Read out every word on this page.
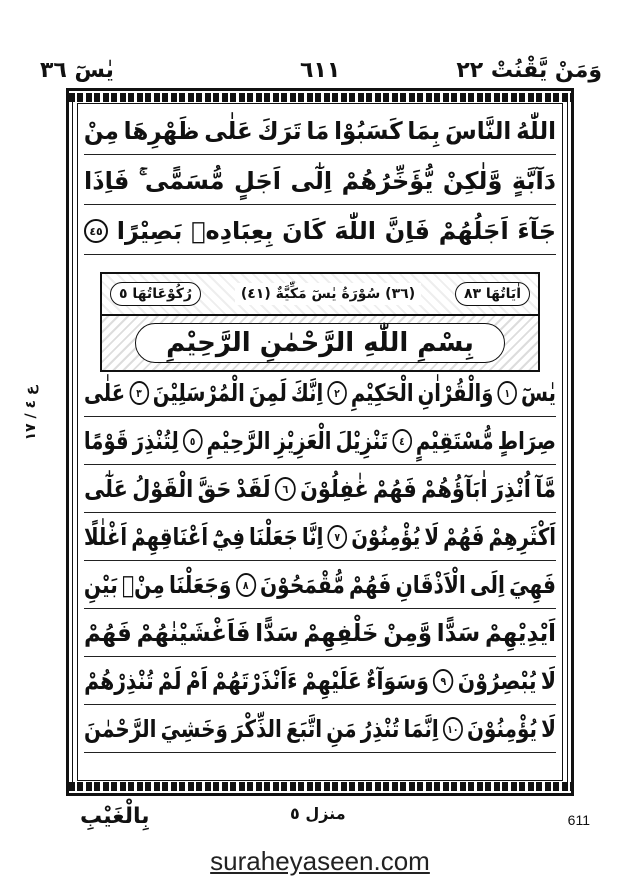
يٰسٓ ٣٦	٦١١	وَمَنْ يَّقْنُتْ ٢٢
ع ٤ / ١٧
اٰيَاتُهَا ٨٣
(٣٦) سُوْرَةُ يٰسٓ مَكِّيَّةٌ (٤١)
رُكُوْعَاتُهَا ٥
بِسْمِ اللّٰهِ الرَّحْمٰنِ الرَّحِيْمِ
اللّٰهُ
النَّاسَ
بِمَا
كَسَبُوْا
مَا
تَرَكَ
عَلٰى
ظَهْرِهَا
مِنْ
دَآبَّةٍ
وَّلٰكِنْ
يُّؤَخِّرُهُمْ
اِلٰٓى
اَجَلٍ
مُّسَمًّى ۚ
فَاِذَا
جَآءَ
اَجَلُهُمْ
فَاِنَّ
اللّٰهَ
كَانَ
بِعِبَادِهٖ
بَصِيْرًا
٤٥
يٰسٓ
١
وَالْقُرْاٰنِ
الْحَكِيْمِ
٢
اِنَّكَ
لَمِنَ
الْمُرْسَلِيْنَ
٣
عَلٰى
صِرَاطٍ
مُّسْتَقِيْمٍ
٤
تَنْزِيْلَ
الْعَزِيْزِ
الرَّحِيْمِ
٥
لِتُنْذِرَ
قَوْمًا
مَّآ
اُنْذِرَ
اٰبَآؤُهُمْ
فَهُمْ
غٰفِلُوْنَ
٦
لَقَدْ
حَقَّ
الْقَوْلُ
عَلٰٓى
اَكْثَرِهِمْ
فَهُمْ
لَا
يُؤْمِنُوْنَ
٧
اِنَّا
جَعَلْنَا
فِيْٓ
اَعْنَاقِهِمْ
اَغْلٰلًا
فَهِيَ
اِلَى
الْاَذْقَانِ
فَهُمْ
مُّقْمَحُوْنَ
٨
وَجَعَلْنَا
مِنْۢ
بَيْنِ
اَيْدِيْهِمْ
سَدًّا
وَّمِنْ
خَلْفِهِمْ
سَدًّا
فَاَغْشَيْنٰهُمْ
فَهُمْ
لَا
يُبْصِرُوْنَ
٩
وَسَوَآءٌ
عَلَيْهِمْ
ءَاَنْذَرْتَهُمْ
اَمْ
لَمْ
تُنْذِرْهُمْ
لَا
يُؤْمِنُوْنَ
١٠
اِنَّمَا
تُنْذِرُ
مَنِ
اتَّبَعَ
الذِّكْرَ
وَخَشِيَ
الرَّحْمٰنَ
بِالْغَيْبِ	منزل ٥	611
suraheyaseen.com
